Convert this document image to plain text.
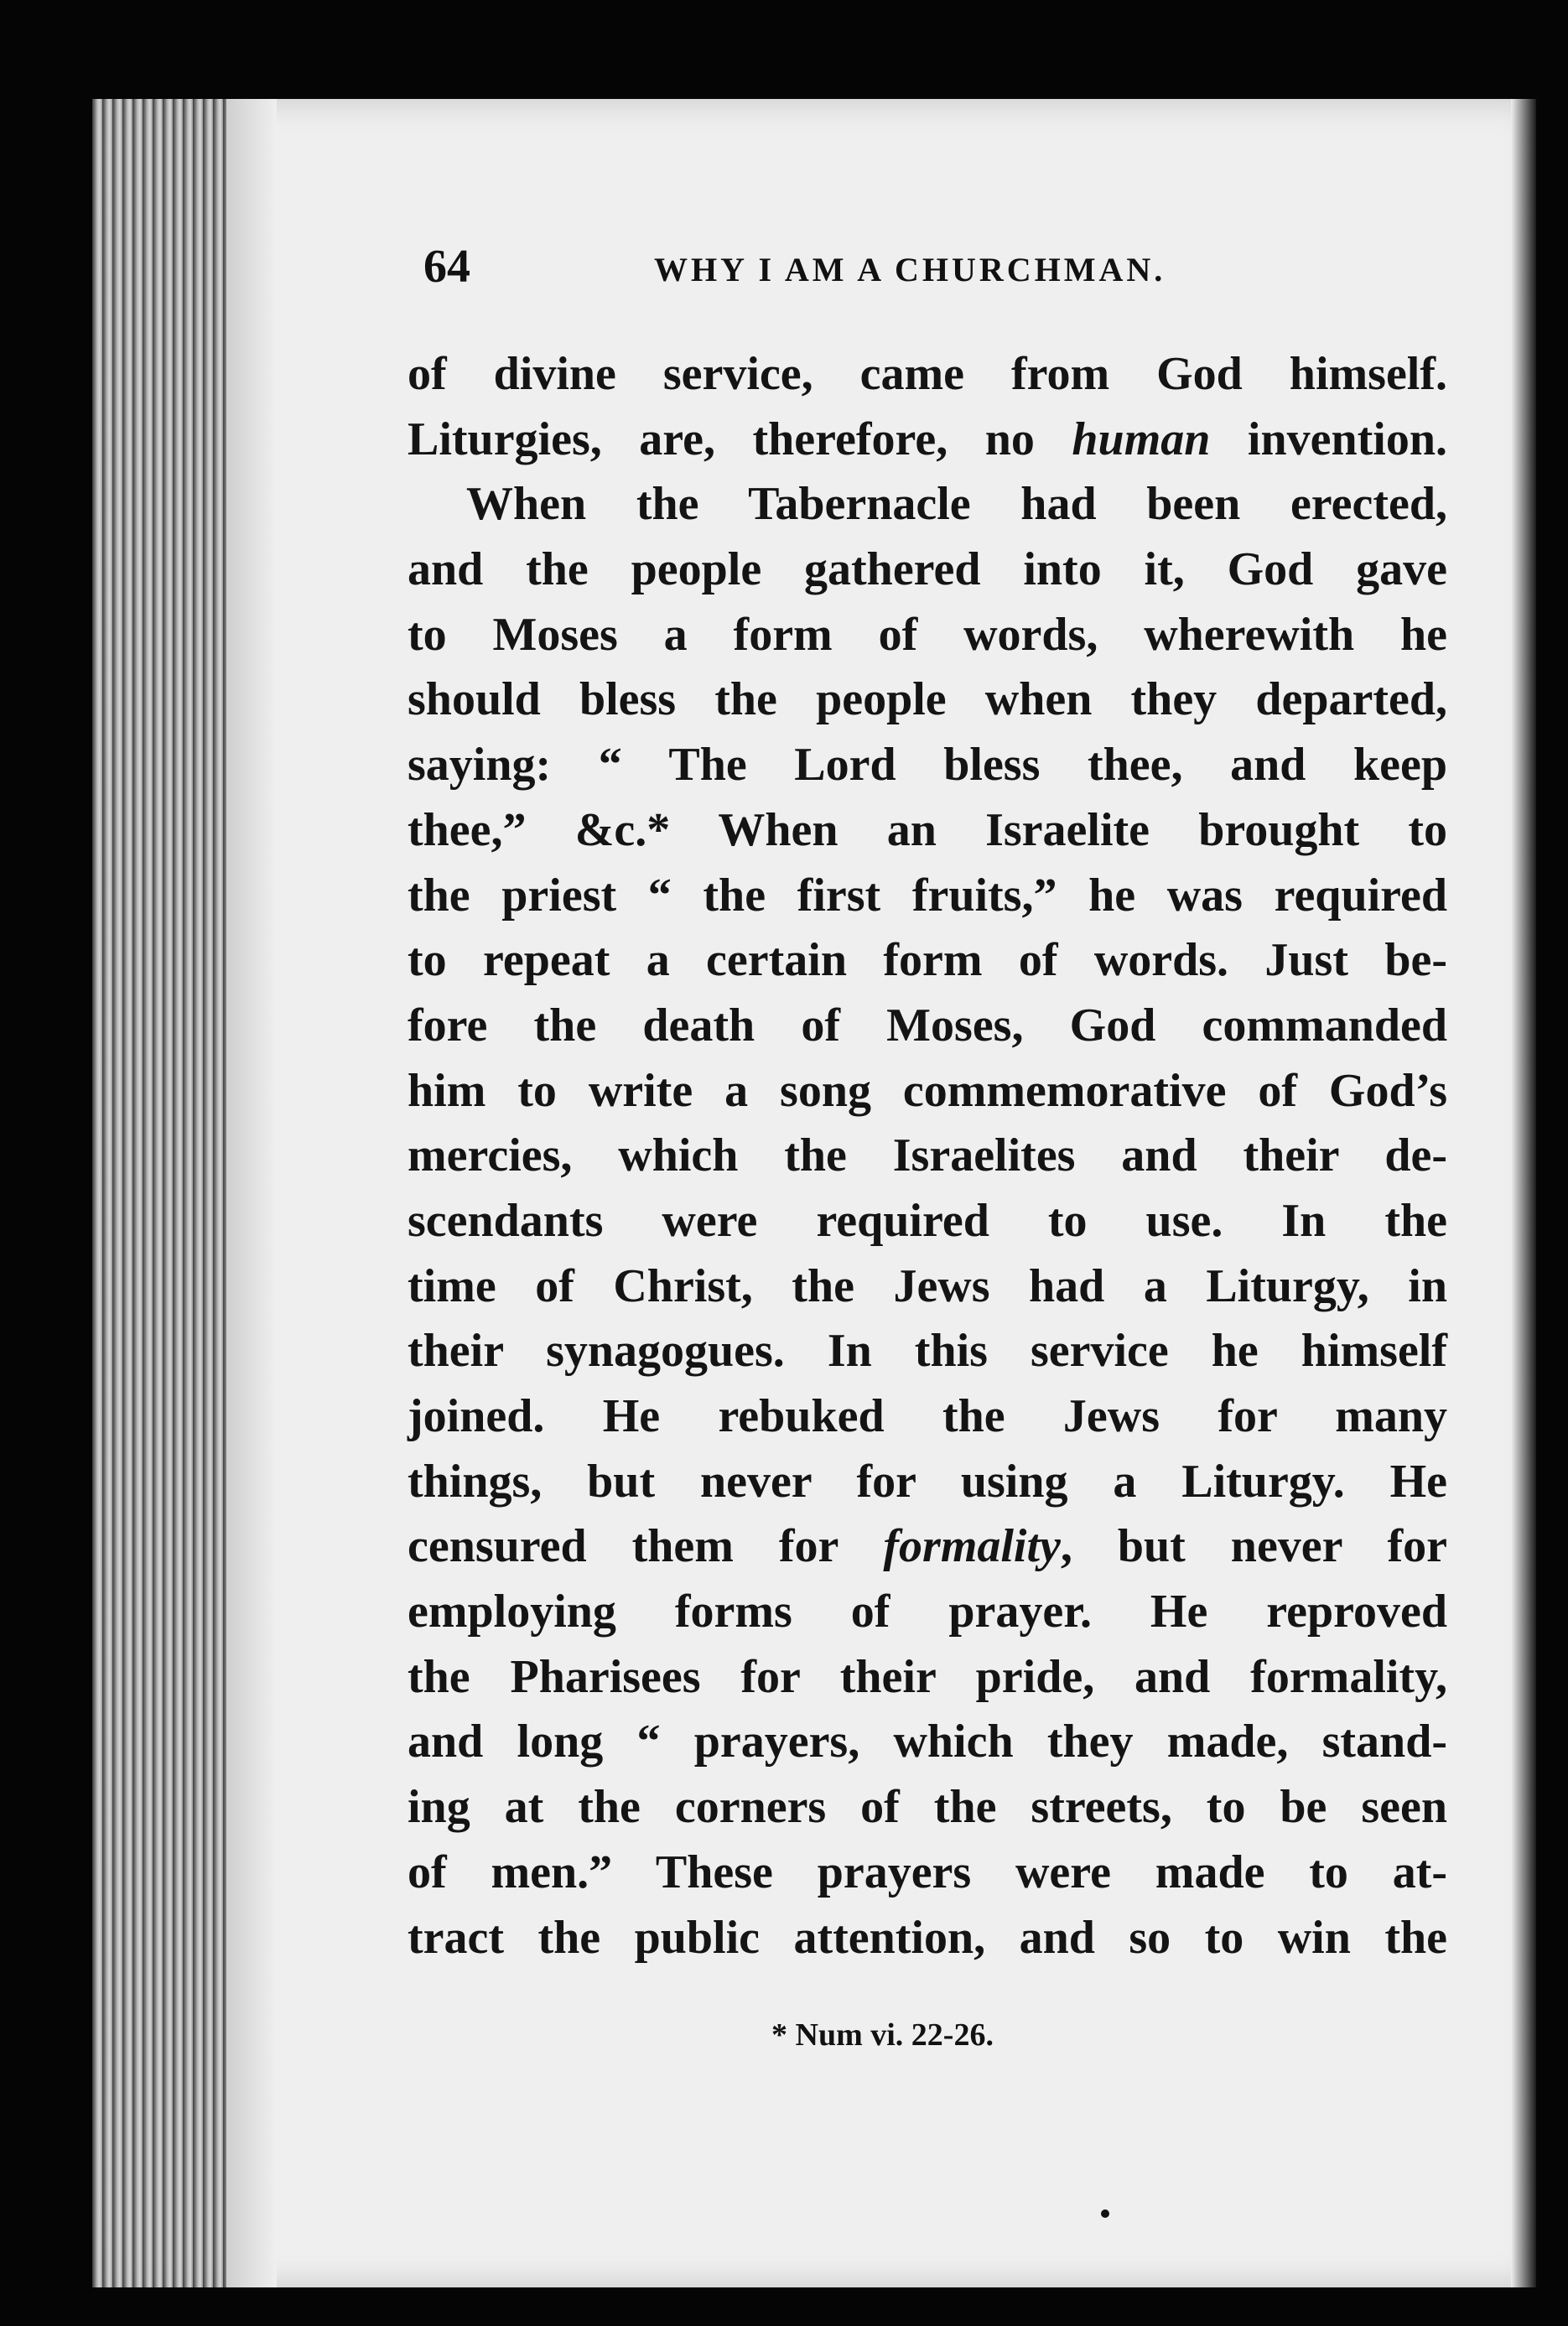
64	WHY I AM A CHURCHMAN.
of divine service, came from God himself.
Liturgies, are, therefore, no human invention.
When the Tabernacle had been erected,
and the people gathered into it, God gave
to Moses a form of words, wherewith he
should bless the people when they departed,
saying: “ The Lord bless thee, and keep
thee,” &c.* When an Israelite brought to
the priest “ the first fruits,” he was required
to repeat a certain form of words. Just be-
fore the death of Moses, God commanded
him to write a song commemorative of God’s
mercies, which the Israelites and their de-
scendants were required to use. In the
time of Christ, the Jews had a Liturgy, in
their synagogues. In this service he himself
joined. He rebuked the Jews for many
things, but never for using a Liturgy. He
censured them for formality, but never for
employing forms of prayer. He reproved
the Pharisees for their pride, and formality,
and long “ prayers, which they made, stand-
ing at the corners of the streets, to be seen
of men.” These prayers were made to at-
tract the public attention, and so to win the
* Num vi. 22-26.
